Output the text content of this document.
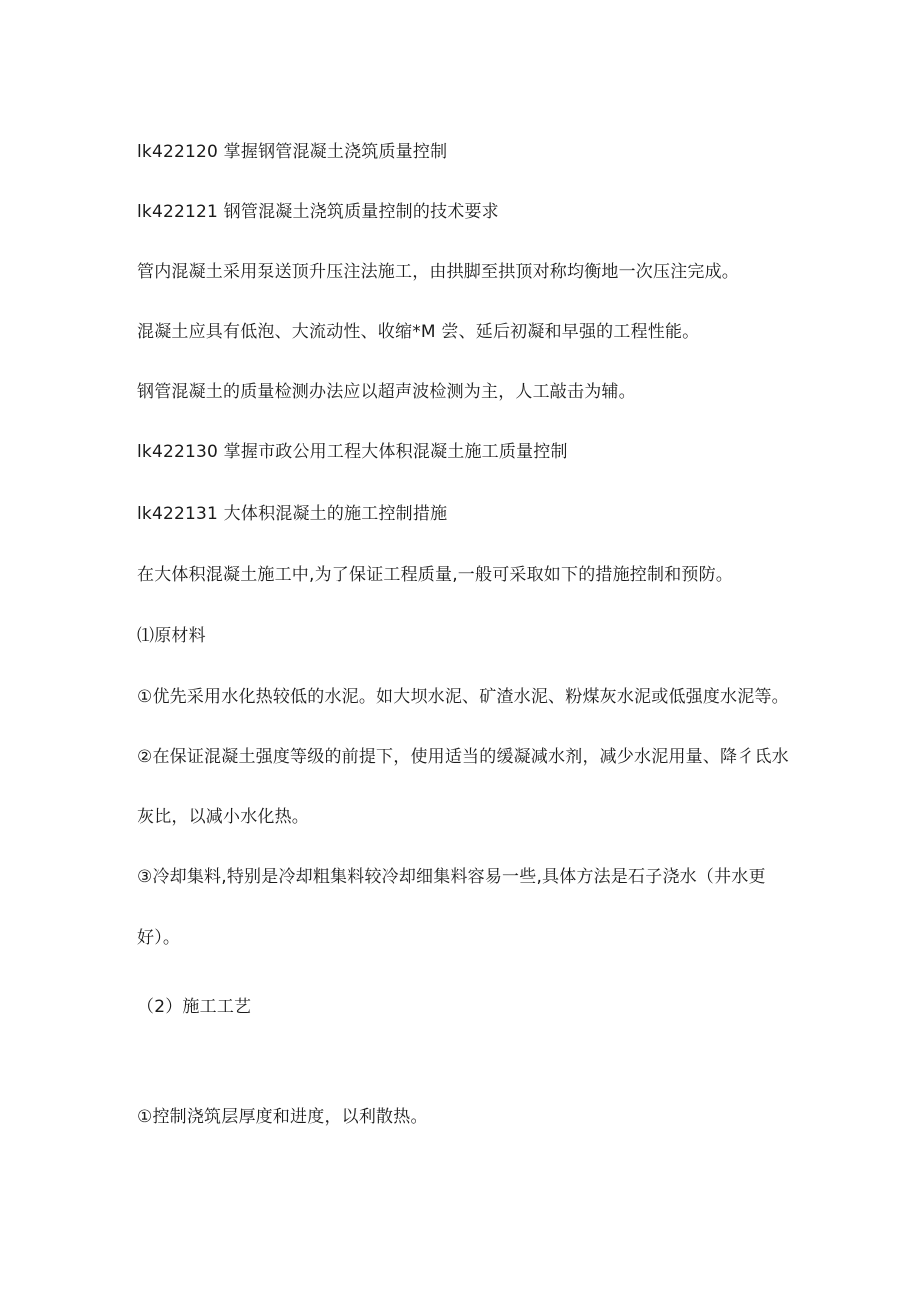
lk422120 掌握钢管混凝土浇筑质量控制
lk422121 钢管混凝土浇筑质量控制的技术要求
管内混凝土采用泵送顶升压注法施工，由拱脚至拱顶对称均衡地一次压注完成。
混凝土应具有低泡、大流动性、收缩*M 尝、延后初凝和早强的工程性能。
钢管混凝土的质量检测办法应以超声波检测为主，人工敲击为辅。
lk422130 掌握市政公用工程大体积混凝土施工质量控制
lk422131 大体积混凝土的施工控制措施
在大体积混凝土施工中,为了保证工程质量,一般可采取如下的措施控制和预防。
⑴原材料
①优先采用水化热较低的水泥。如大坝水泥、矿渣水泥、粉煤灰水泥或低强度水泥等。
②在保证混凝土强度等级的前提下，使用适当的缓凝减水剂，减少水泥用量、降彳氐水
灰比，以减小水化热。
③冷却集料,特别是冷却粗集料较冷却细集料容易一些,具体方法是石子浇水（井水更
好）。
（2）施工工艺
①控制浇筑层厚度和进度，以利散热。
